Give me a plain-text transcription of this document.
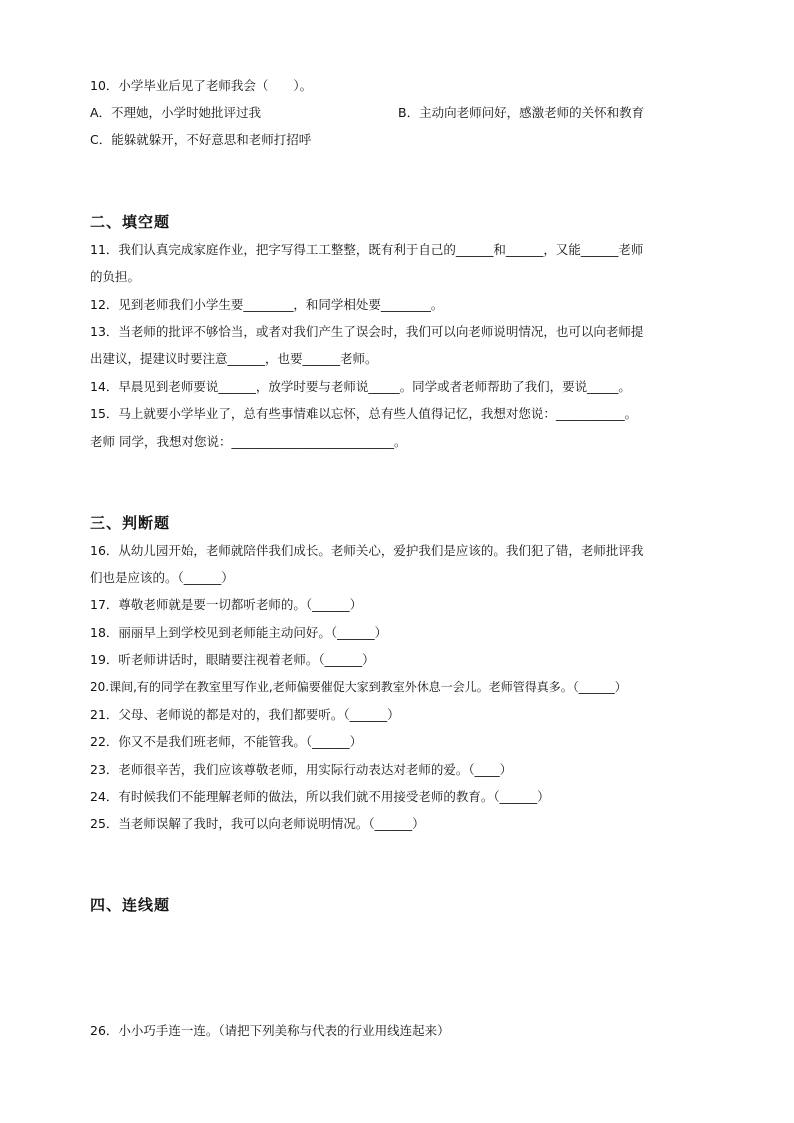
10．小学毕业后见了老师我会（　　）。
A．不理她，小学时她批评过我	B．主动向老师问好，感激老师的关怀和教育
C．能躲就躲开，不好意思和老师打招呼
二、填空题
11．我们认真完成家庭作业，把字写得工工整整，既有利于自己的______和______，又能______老师
的负担。
12．见到老师我们小学生要________，和同学相处要________。
13．当老师的批评不够恰当，或者对我们产生了误会时，我们可以向老师说明情况，也可以向老师提
出建议，提建议时要注意______，也要______老师。
14．早晨见到老师要说______，放学时要与老师说_____。同学或者老师帮助了我们，要说_____。
15．马上就要小学毕业了，总有些事情难以忘怀，总有些人值得记忆，我想对您说：___________。
老师 同学，我想对您说：__________________________。
三、判断题
16．从幼儿园开始，老师就陪伴我们成长。老师关心，爱护我们是应该的。我们犯了错，老师批评我
们也是应该的。（______）
17．尊敬老师就是要一切都听老师的。（______）
18．丽丽早上到学校见到老师能主动问好。（______）
19．听老师讲话时，眼睛要注视着老师。（______）
20.课间,有的同学在教室里写作业,老师偏要催促大家到教室外休息一会儿。老师管得真多。（______）
21．父母、老师说的都是对的，我们都要听。（______）
22．你又不是我们班老师，不能管我。（______）
23．老师很辛苦，我们应该尊敬老师，用实际行动表达对老师的爱。（____）
24．有时候我们不能理解老师的做法，所以我们就不用接受老师的教育。（______）
25．当老师误解了我时，我可以向老师说明情况。（______）
四、连线题
26．小小巧手连一连。（请把下列美称与代表的行业用线连起来）
